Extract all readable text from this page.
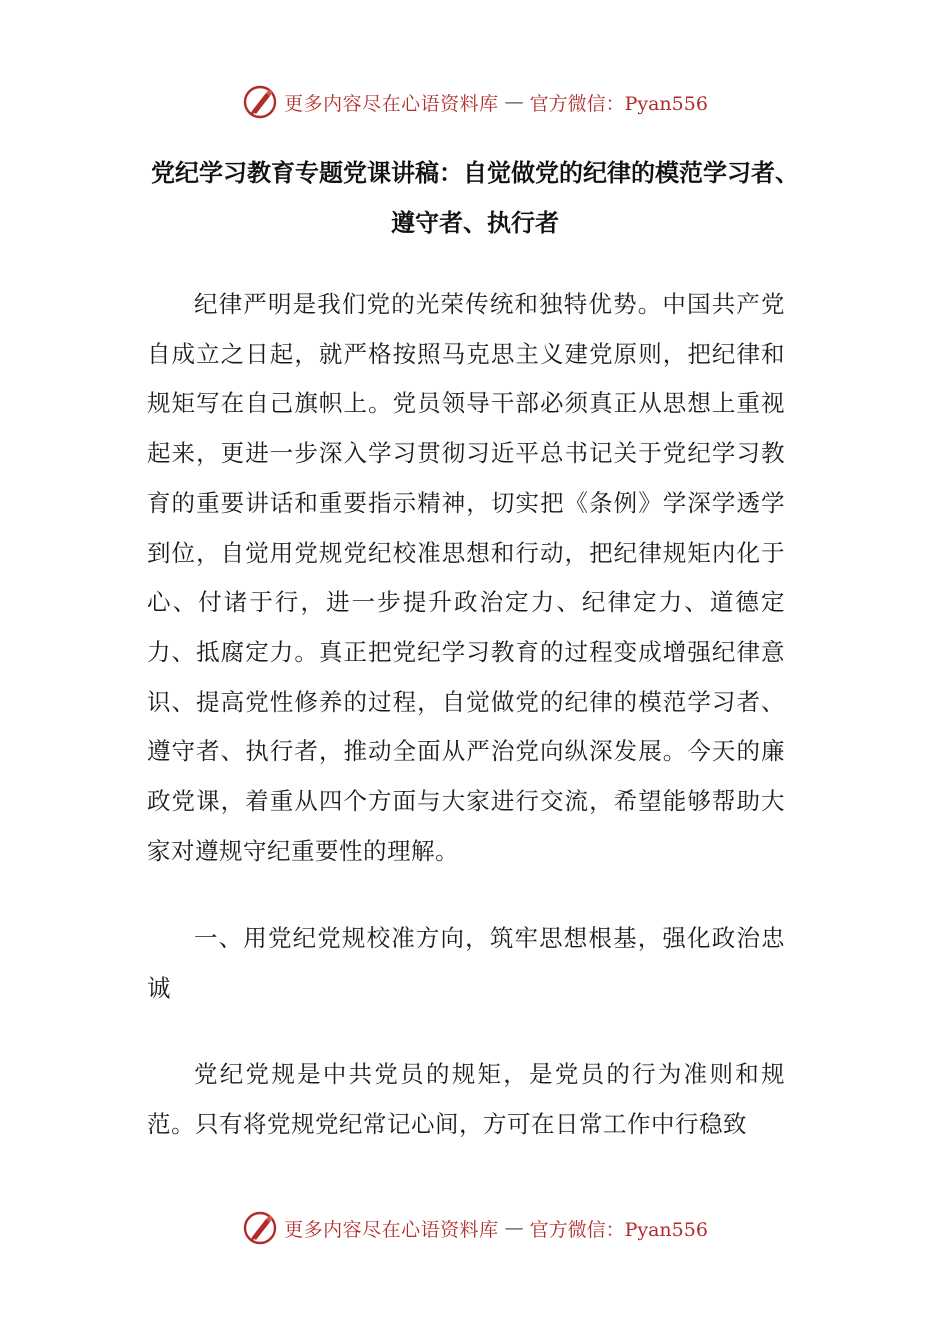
更多内容尽在心语资料库 — 官方微信：Pyan556
党纪学习教育专题党课讲稿：自觉做党的纪律的模范学习者、遵守者、执行者

纪律严明是我们党的光荣传统和独特优势。中国共产党自成立之日起，就严格按照马克思主义建党原则，把纪律和规矩写在自己旗帜上。党员领导干部必须真正从思想上重视起来，更进一步深入学习贯彻习近平总书记关于党纪学习教育的重要讲话和重要指示精神，切实把《条例》学深学透学到位，自觉用党规党纪校准思想和行动，把纪律规矩内化于心、付诸于行，进一步提升政治定力、纪律定力、道德定力、抵腐定力。真正把党纪学习教育的过程变成增强纪律意识、提高党性修养的过程，自觉做党的纪律的模范学习者、遵守者、执行者，推动全面从严治党向纵深发展。今天的廉政党课，着重从四个方面与大家进行交流，希望能够帮助大家对遵规守纪重要性的理解。

一、用党纪党规校准方向，筑牢思想根基，强化政治忠诚

党纪党规是中共党员的规矩，是党员的行为准则和规范。只有将党规党纪常记心间，方可在日常工作中行稳致

更多内容尽在心语资料库 — 官方微信：Pyan556
